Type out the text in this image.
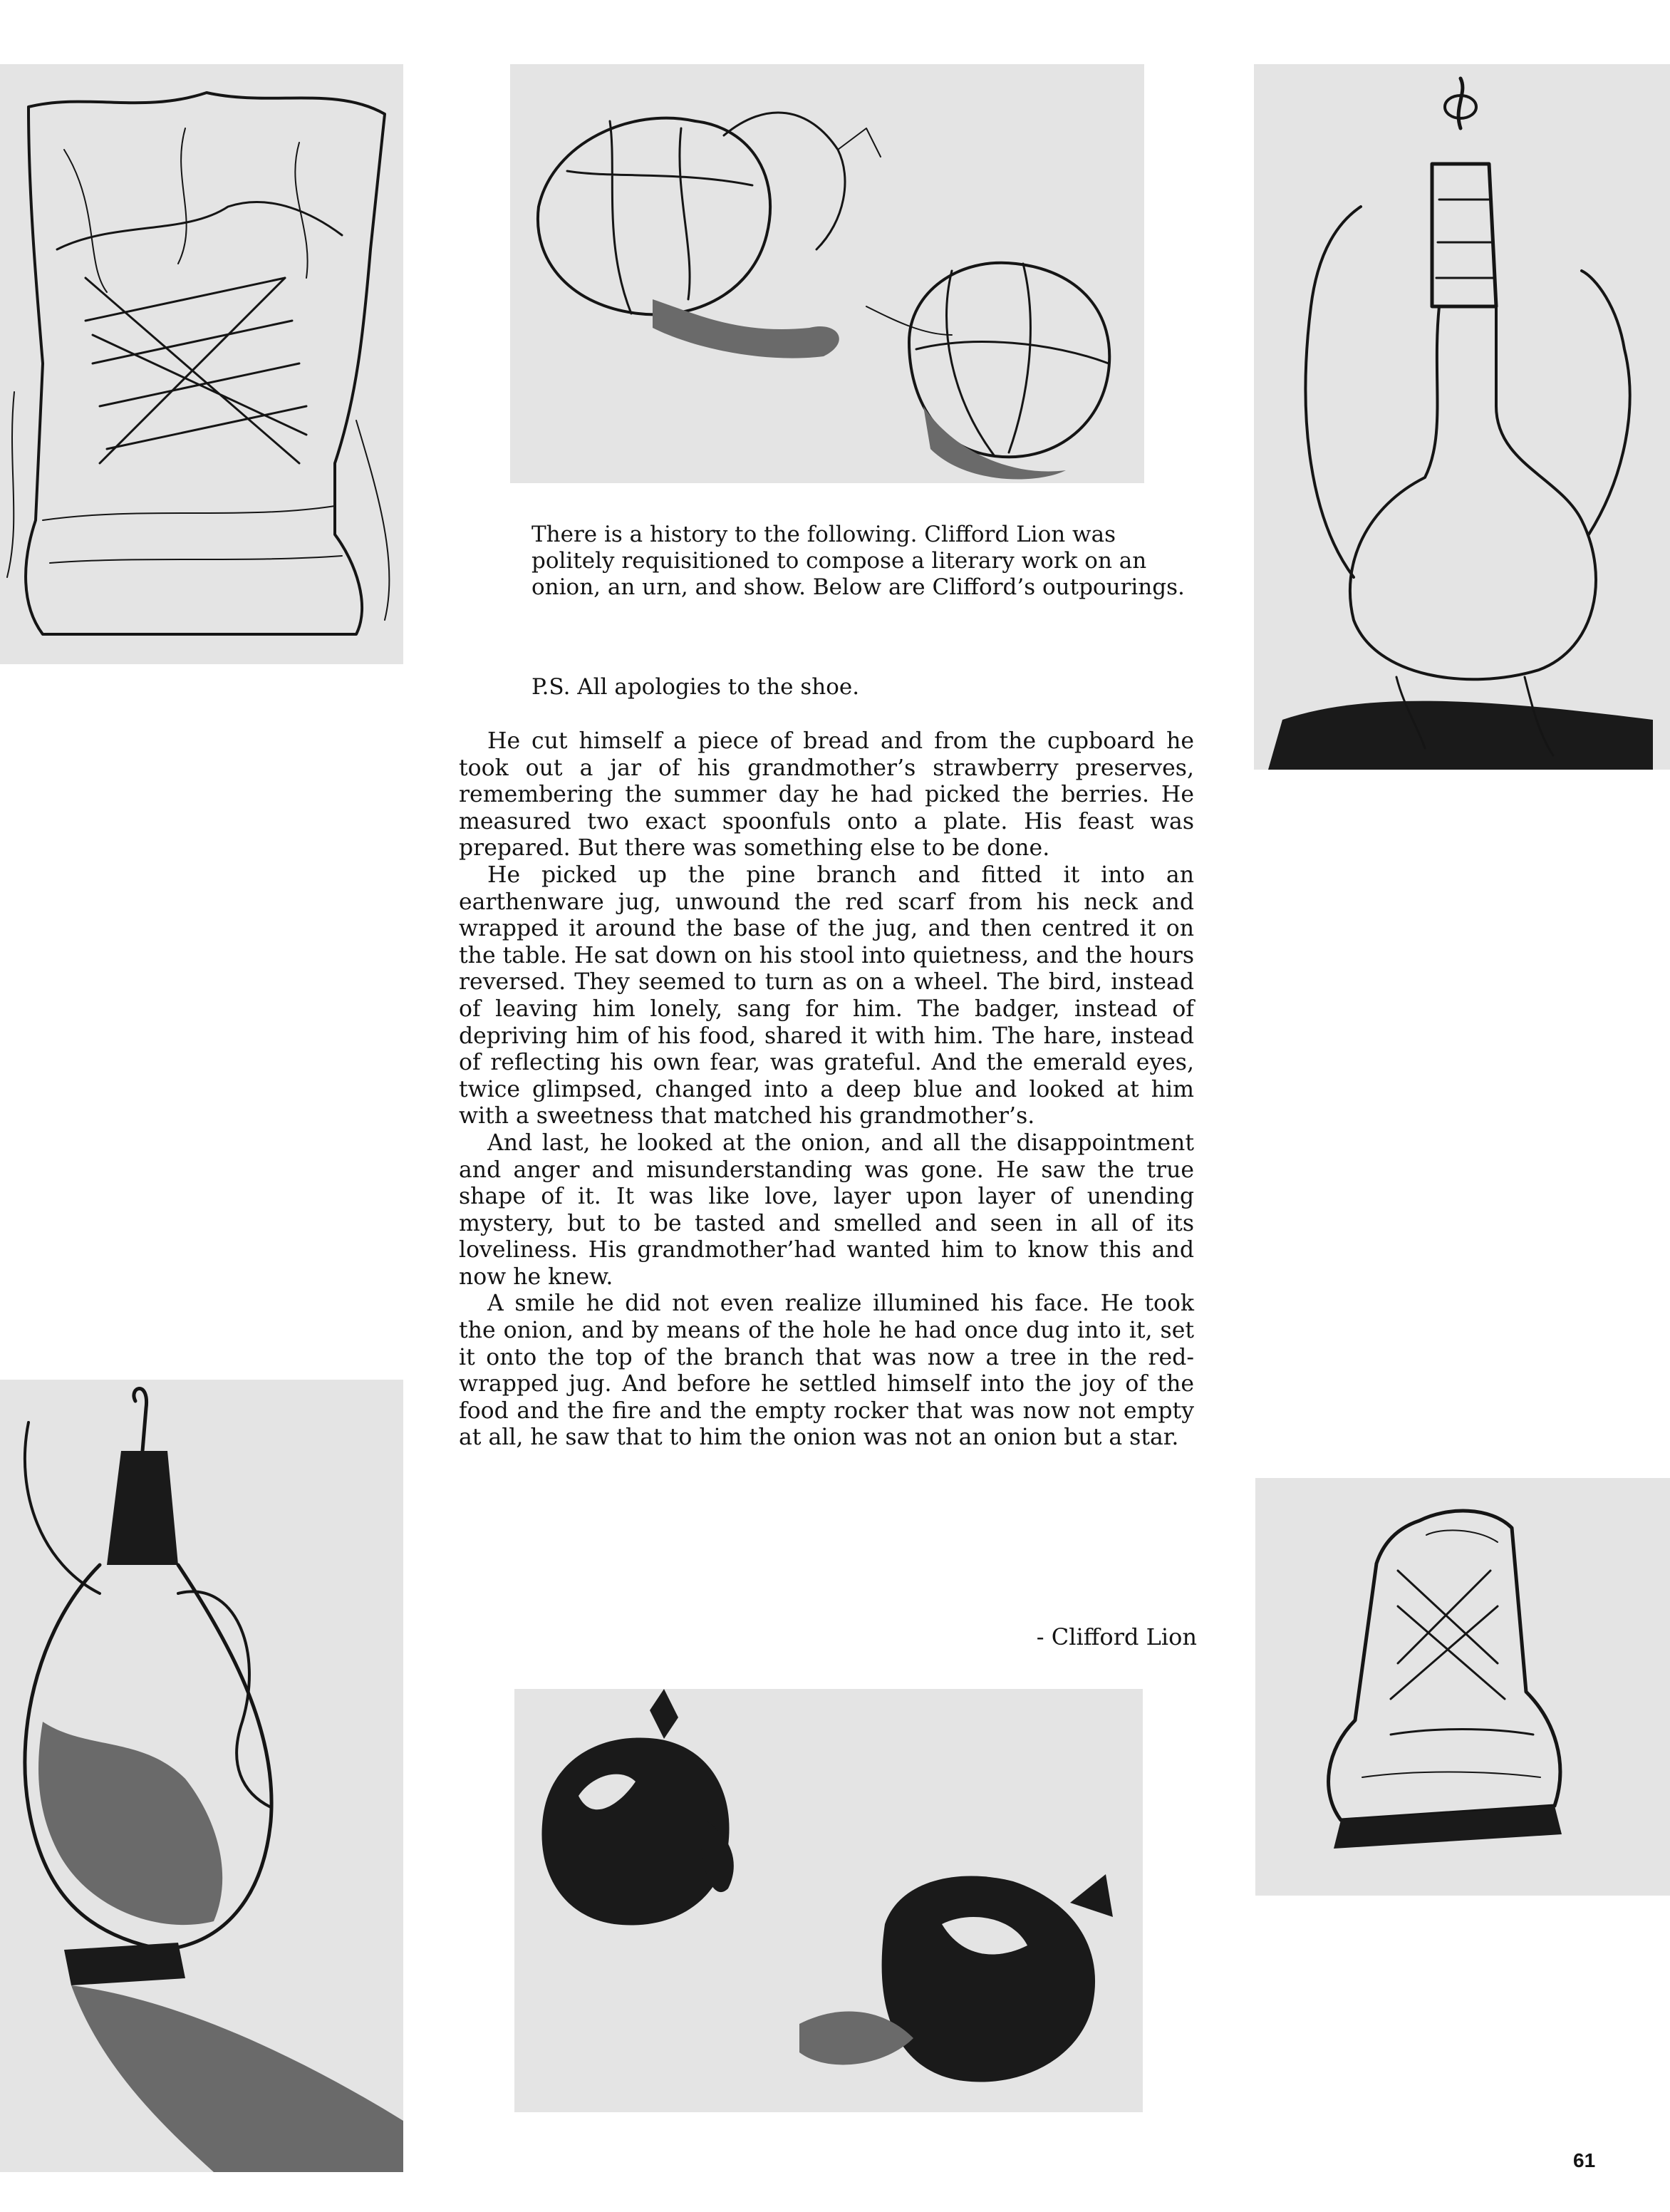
There is a history to the following. Clifford Lion was politely requisitioned to compose a literary work on an onion, an urn, and show. Below are Clifford’s outpourings.

P.S. All apologies to the shoe.

He cut himself a piece of bread and from the cupboard he took out a jar of his grandmother’s strawberry preserves, remembering the summer day he had picked the berries. He measured two exact spoonfuls onto a plate. His feast was prepared. But there was something else to be done.

He picked up the pine branch and fitted it into an earthenware jug, unwound the red scarf from his neck and wrapped it around the base of the jug, and then centred it on the table. He sat down on his stool into quietness, and the hours reversed. They seemed to turn as on a wheel. The bird, instead of leaving him lonely, sang for him. The badger, instead of depriving him of his food, shared it with him. The hare, instead of reflecting his own fear, was grateful. And the emerald eyes, twice glimpsed, changed into a deep blue and looked at him with a sweetness that matched his grandmother’s.

And last, he looked at the onion, and all the disappointment and anger and misunderstanding was gone. He saw the true shape of it. It was like love, layer upon layer of unending mystery, but to be tasted and smelled and seen in all of its loveliness. His grandmother’had wanted him to know this and now he knew.

A smile he did not even realize illumined his face. He took the onion, and by means of the hole he had once dug into it, set it onto the top of the branch that was now a tree in the red-wrapped jug. And before he settled himself into the joy of the food and the fire and the empty rocker that was now not empty at all, he saw that to him the onion was not an onion but a star.

- Clifford Lion

61
